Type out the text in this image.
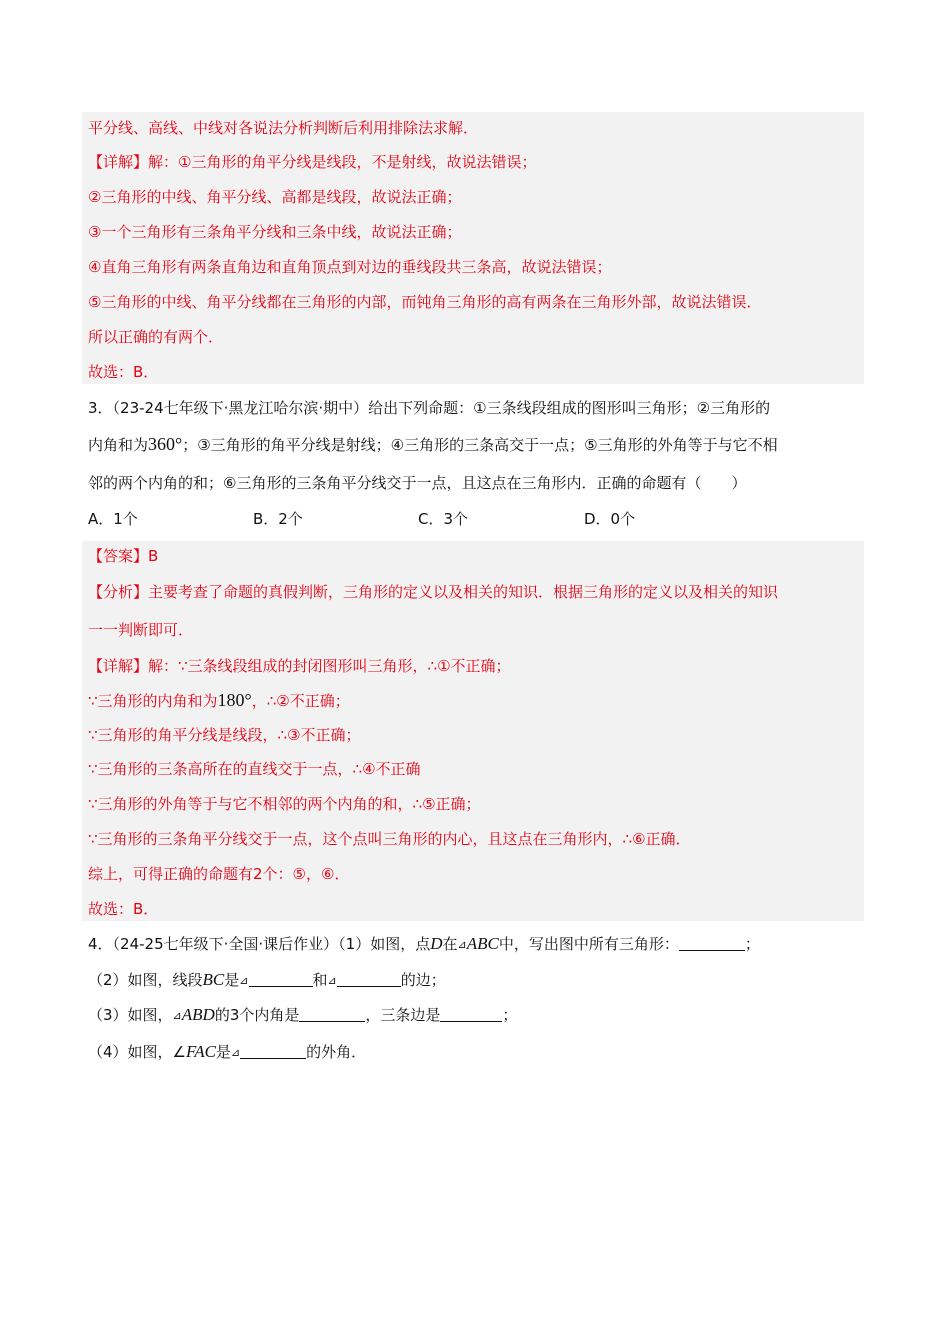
平分线、高线、中线对各说法分析判断后利用排除法求解．
【详解】解：①三角形的角平分线是线段，不是射线，故说法错误；
②三角形的中线、角平分线、高都是线段，故说法正确；
③一个三角形有三条角平分线和三条中线，故说法正确；
④直角三角形有两条直角边和直角顶点到对边的垂线段共三条高，故说法错误；
⑤三角形的中线、角平分线都在三角形的内部，而钝角三角形的高有两条在三角形外部，故说法错误．
所以正确的有两个．
故选：B．
3．（23-24七年级下·黑龙江哈尔滨·期中）给出下列命题：①三条线段组成的图形叫三角形；②三角形的
内角和为360°；③三角形的角平分线是射线；④三角形的三条高交于一点；⑤三角形的外角等于与它不相
邻的两个内角的和；⑥三角形的三条角平分线交于一点，且这点在三角形内．正确的命题有（　　）
A．1个	B．2个	C．3个	D．0个
【答案】B
【分析】主要考查了命题的真假判断，三角形的定义以及相关的知识．根据三角形的定义以及相关的知识
一一判断即可．
【详解】解：∵三条线段组成的封闭图形叫三角形，∴①不正确；
∵三角形的内角和为180°，∴②不正确；
∵三角形的角平分线是线段，∴③不正确；
∵三角形的三条高所在的直线交于一点，∴④不正确
∵三角形的外角等于与它不相邻的两个内角的和，∴⑤正确；
∵三角形的三条角平分线交于一点，这个点叫三角形的内心，且这点在三角形内，∴⑥正确．
综上，可得正确的命题有2个：⑤，⑥．
故选：B．
4．（24-25七年级下·全国·课后作业）（1）如图，点D在⊿ABC中，写出图中所有三角形：	；
（2）如图，线段BC是⊿	和⊿	的边；
（3）如图，⊿ABD的3个内角是	，三条边是	；
（4）如图，∠FAC是⊿	的外角．
